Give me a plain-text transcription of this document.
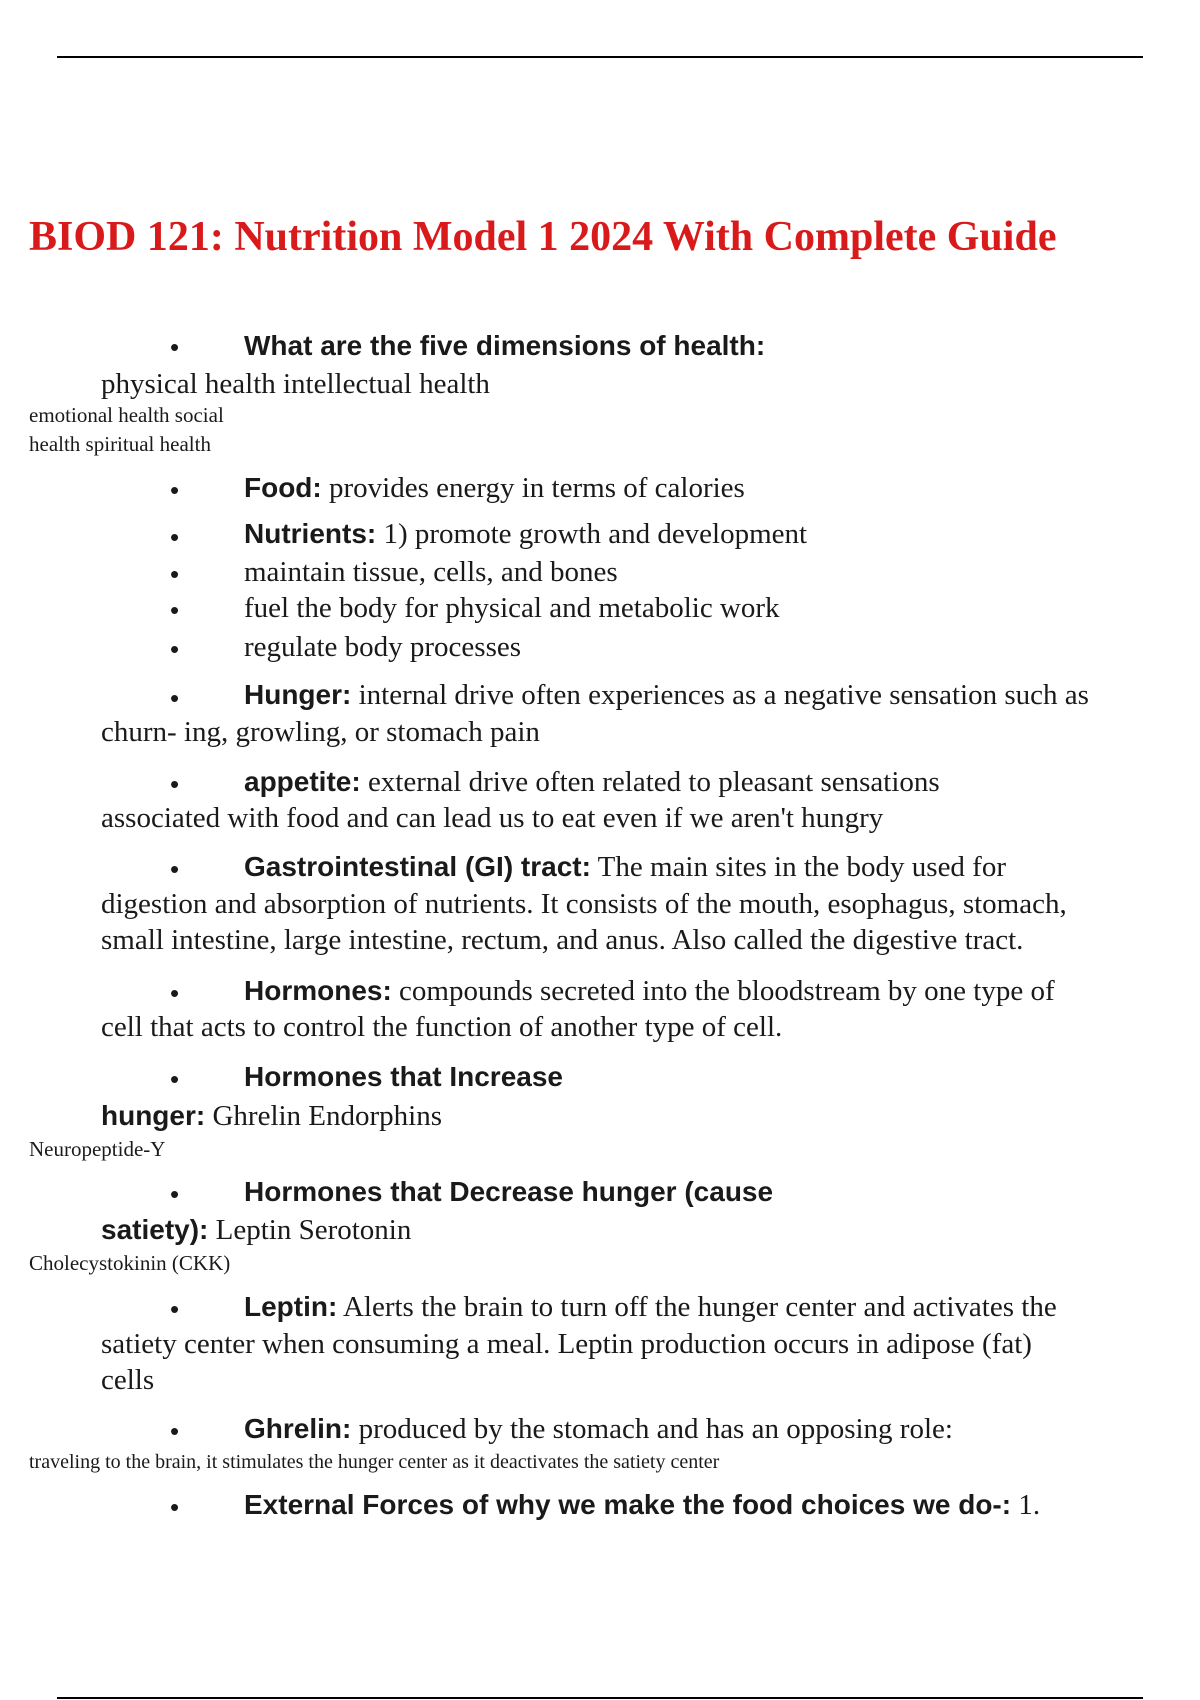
BIOD 121: Nutrition Model 1 2024 With Complete Guide
• What are the five dimensions of health:
physical health intellectual health
emotional health social
health spiritual health
• Food: provides energy in terms of calories
• Nutrients: 1) promote growth and development
• maintain tissue, cells, and bones
• fuel the body for physical and metabolic work
• regulate body processes
• Hunger: internal drive often experiences as a negative sensation such as
churn- ing, growling, or stomach pain
• appetite: external drive often related to pleasant sensations
associated with food and can lead us to eat even if we aren't hungry
• Gastrointestinal (GI) tract: The main sites in the body used for
digestion and absorption of nutrients. It consists of the mouth, esophagus, stomach,
small intestine, large intestine, rectum, and anus. Also called the digestive tract.
• Hormones: compounds secreted into the bloodstream by one type of
cell that acts to control the function of another type of cell.
• Hormones that Increase
hunger: Ghrelin Endorphins
Neuropeptide-Y
• Hormones that Decrease hunger (cause
satiety): Leptin Serotonin
Cholecystokinin (CKK)
• Leptin: Alerts the brain to turn off the hunger center and activates the
satiety center when consuming a meal. Leptin production occurs in adipose (fat)
cells
• Ghrelin: produced by the stomach and has an opposing role:
traveling to the brain, it stimulates the hunger center as it deactivates the satiety center
• External Forces of why we make the food choices we do-: 1.
